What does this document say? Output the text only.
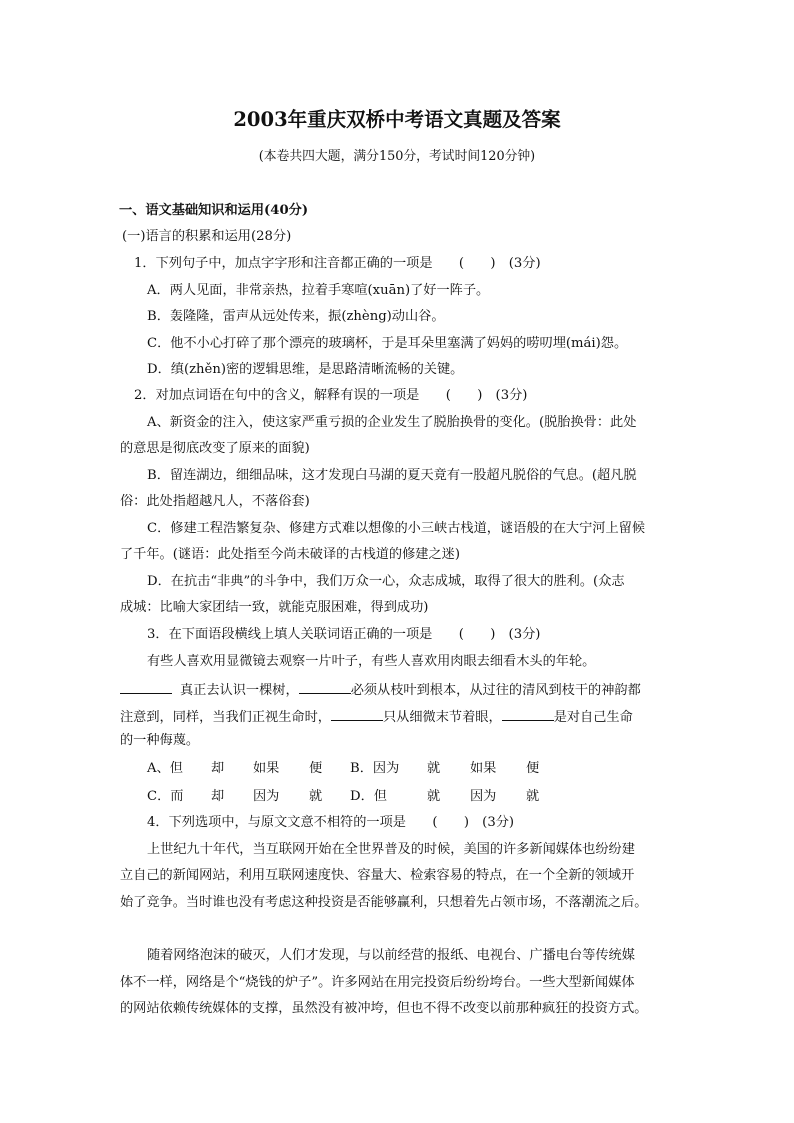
2003年重庆双桥中考语文真题及答案
(本卷共四大题，满分150分，考试时间120分钟)
一、语文基础知识和运用(40分)
(一)语言的积累和运用(28分)
1．下列句子中，加点字字形和注音都正确的一项是　　(　　)　(3分)
A．两人见面，非常亲热，拉着手寒喧(xuān)了好一阵子。
B．轰隆隆，雷声从远处传来，振(zhèng)动山谷。
C．他不小心打碎了那个漂亮的玻璃杯，于是耳朵里塞满了妈妈的唠叨埋(mái)怨。
D．缜(zhěn)密的逻辑思维，是思路清晰流畅的关键。
2．对加点词语在句中的含义，解释有误的一项是　　(　　)　(3分)
A、新资金的注入，使这家严重亏损的企业发生了脱胎换骨的变化。(脱胎换骨：此处
的意思是彻底改变了原来的面貌)
B．留连湖边，细细品味，这才发现白马湖的夏天竟有一股超凡脱俗的气息。(超凡脱
俗：此处指超越凡人，不落俗套)
C．修建工程浩繁复杂、修建方式难以想像的小三峡古栈道，谜语般的在大宁河上留候
了千年。(谜语：此处指至今尚未破译的古栈道的修建之迷)
D．在抗击“非典”的斗争中，我们万众一心，众志成城，取得了很大的胜利。(众志
成城：比喻大家团结一致，就能克服困难，得到成功)
3．在下面语段横线上填人关联词语正确的一项是　　(　　)　(3分)
有些人喜欢用显微镜去观察一片叶子，有些人喜欢用肉眼去细看木头的年轮。
真正去认识一棵树，	必须从枝叶到根本，从过往的清风到枝干的神韵都
注意到，同样，当我们正视生命时，	只从细微末节着眼，	是对自己生命
的一种侮蔑。
A、但 却 如果 便 B．因为 就 如果 便
C．而 却 因为 就 D．但	就 因为 就
4．下列选项中，与原文文意不相符的一项是　　(　　)　(3分)
上世纪九十年代，当互联网开始在全世界普及的时候，美国的许多新闻媒体也纷纷建
立自己的新闻网站，利用互联网速度快、容量大、检索容易的特点，在一个全新的领域开
始了竞争。当时谁也没有考虑这种投资是否能够赢利，只想着先占领市场，不落潮流之后。
随着网络泡沫的破灭，人们才发现，与以前经营的报纸、电视台、广播电台等传统媒
体不一样，网络是个“烧钱的炉子”。许多网站在用完投资后纷纷垮台。一些大型新闻媒体
的网站依赖传统媒体的支撑，虽然没有被冲垮，但也不得不改变以前那种疯狂的投资方式。
